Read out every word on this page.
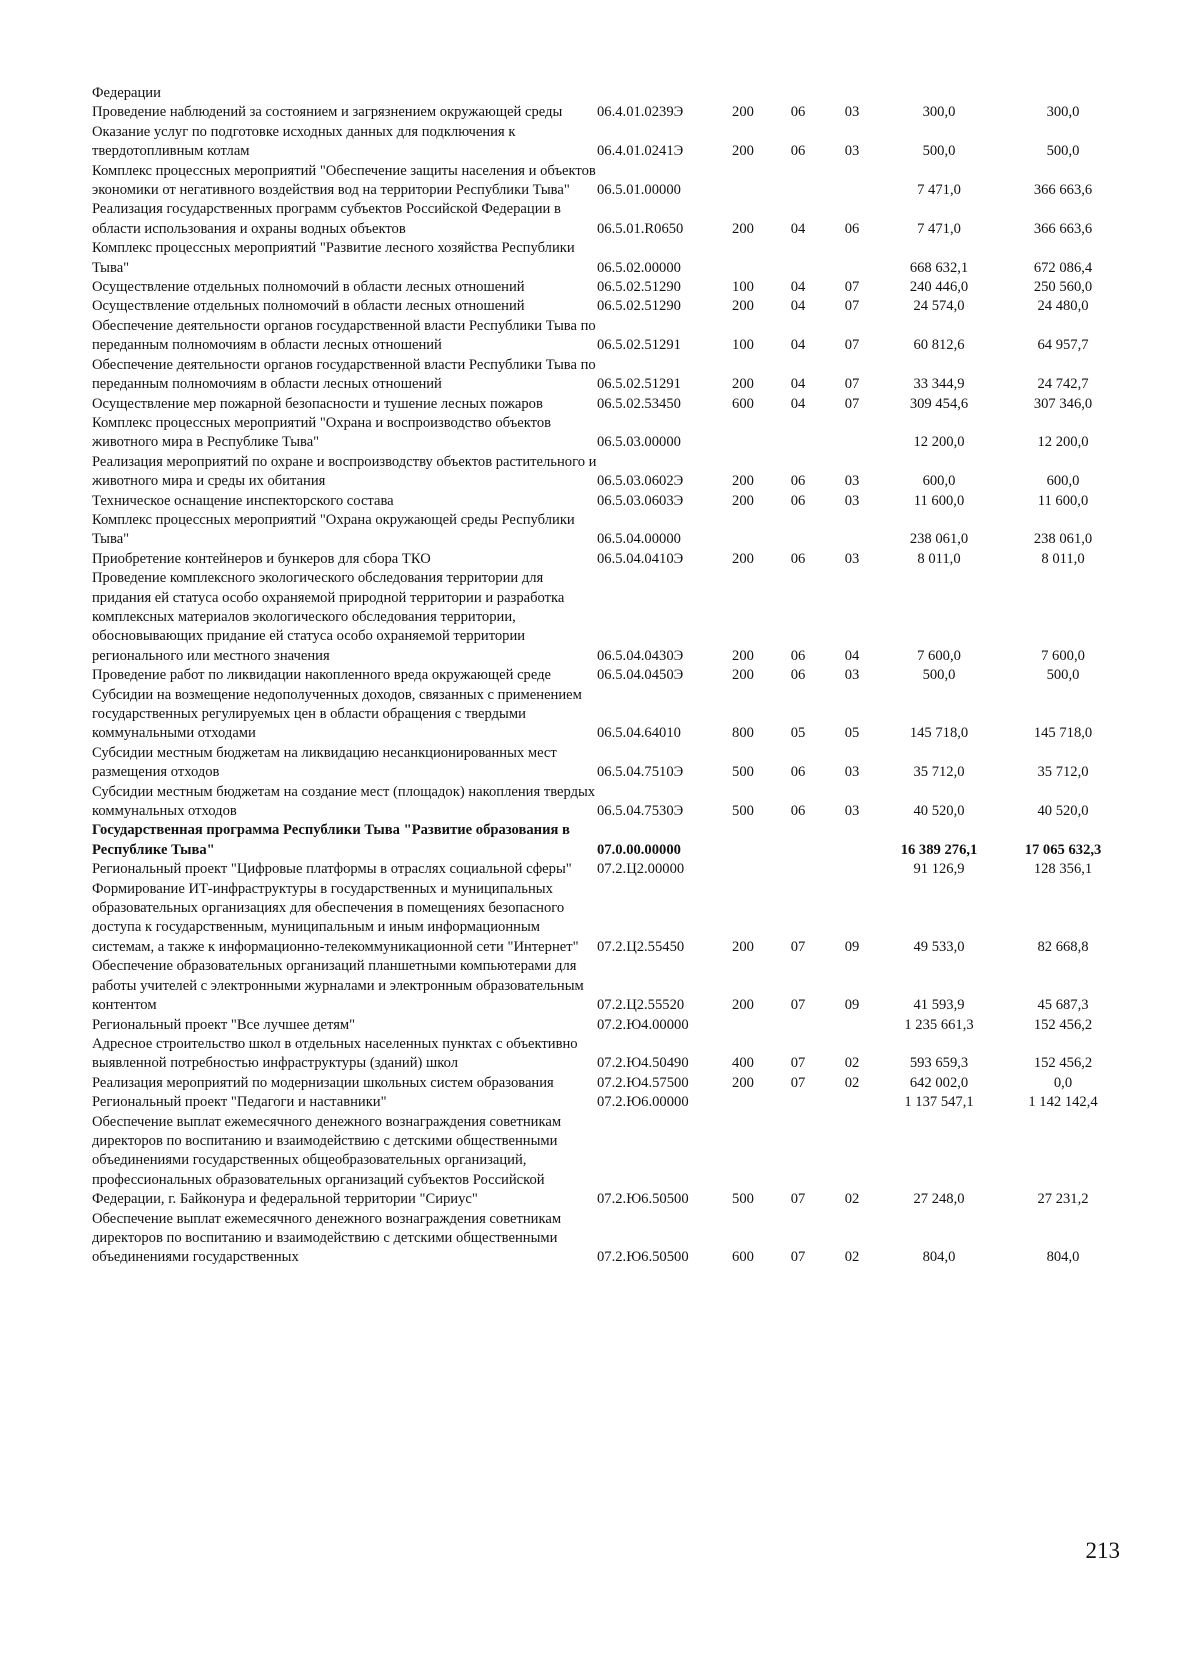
Федерации						
Проведение наблюдений за состоянием и загрязнением окружающей среды	06.4.01.0239Э	200	06	03	300,0	300,0
Оказание услуг по подготовке исходных данных для подключения к твердотопливным котлам	06.4.01.0241Э	200	06	03	500,0	500,0
Комплекс процессных мероприятий "Обеспечение защиты населения и объектов экономики от негативного воздействия вод на территории Республики Тыва"	06.5.01.00000				7 471,0	366 663,6
Реализация государственных программ субъектов Российской Федерации в области использования и охраны водных объектов	06.5.01.R0650	200	04	06	7 471,0	366 663,6
Комплекс процессных мероприятий "Развитие лесного хозяйства Республики Тыва"	06.5.02.00000				668 632,1	672 086,4
Осуществление отдельных полномочий в области лесных отношений	06.5.02.51290	100	04	07	240 446,0	250 560,0
Осуществление отдельных полномочий в области лесных отношений	06.5.02.51290	200	04	07	24 574,0	24 480,0
Обеспечение деятельности органов государственной власти Республики Тыва по переданным полномочиям в области лесных отношений	06.5.02.51291	100	04	07	60 812,6	64 957,7
Обеспечение деятельности органов государственной власти Республики Тыва по переданным полномочиям в области лесных отношений	06.5.02.51291	200	04	07	33 344,9	24 742,7
Осуществление мер пожарной безопасности и тушение лесных пожаров	06.5.02.53450	600	04	07	309 454,6	307 346,0
Комплекс процессных мероприятий "Охрана и воспроизводство объектов животного мира в Республике Тыва"	06.5.03.00000				12 200,0	12 200,0
Реализация мероприятий по охране и воспроизводству объектов растительного и животного мира и среды их обитания	06.5.03.0602Э	200	06	03	600,0	600,0
Техническое оснащение инспекторского состава	06.5.03.0603Э	200	06	03	11 600,0	11 600,0
Комплекс процессных мероприятий "Охрана окружающей среды Республики Тыва"	06.5.04.00000				238 061,0	238 061,0
Приобретение контейнеров и бункеров для сбора ТКО	06.5.04.0410Э	200	06	03	8 011,0	8 011,0
Проведение комплексного экологического обследования территории для придания ей статуса особо охраняемой природной территории и разработка комплексных материалов экологического обследования территории, обосновывающих придание ей статуса особо охраняемой территории регионального или местного значения	06.5.04.0430Э	200	06	04	7 600,0	7 600,0
Проведение работ по ликвидации накопленного вреда окружающей среде	06.5.04.0450Э	200	06	03	500,0	500,0
Субсидии на возмещение недополученных доходов, связанных с применением государственных регулируемых цен в области обращения с твердыми коммунальными отходами	06.5.04.64010	800	05	05	145 718,0	145 718,0
Субсидии местным бюджетам на ликвидацию несанкционированных мест размещения отходов	06.5.04.7510Э	500	06	03	35 712,0	35 712,0
Субсидии местным бюджетам на создание мест (площадок) накопления твердых коммунальных отходов	06.5.04.7530Э	500	06	03	40 520,0	40 520,0
Государственная программа Республики Тыва "Развитие образования в Республике Тыва"	07.0.00.00000				16 389 276,1	17 065 632,3
Региональный проект "Цифровые платформы в отраслях социальной сферы"	07.2.Ц2.00000				91 126,9	128 356,1
Формирование ИТ-инфраструктуры в государственных и муниципальных образовательных организациях для обеспечения в помещениях безопасного доступа к государственным, муниципальным и иным информационным системам, а также к информационно-телекоммуникационной сети "Интернет"	07.2.Ц2.55450	200	07	09	49 533,0	82 668,8
Обеспечение образовательных организаций планшетными компьютерами для работы учителей с электронными журналами и электронным образовательным контентом	07.2.Ц2.55520	200	07	09	41 593,9	45 687,3
Региональный проект "Все лучшее детям"	07.2.Ю4.00000				1 235 661,3	152 456,2
Адресное строительство школ в отдельных населенных пунктах с объективно выявленной потребностью инфраструктуры (зданий) школ	07.2.Ю4.50490	400	07	02	593 659,3	152 456,2
Реализация мероприятий по модернизации школьных систем образования	07.2.Ю4.57500	200	07	02	642 002,0	0,0
Региональный проект "Педагоги и наставники"	07.2.Ю6.00000				1 137 547,1	1 142 142,4
Обеспечение выплат ежемесячного денежного вознаграждения советникам директоров по воспитанию и взаимодействию с детскими общественными объединениями государственных общеобразовательных организаций, профессиональных образовательных организаций субъектов Российской Федерации, г. Байконура и федеральной территории "Сириус"	07.2.Ю6.50500	500	07	02	27 248,0	27 231,2
Обеспечение выплат ежемесячного денежного вознаграждения советникам директоров по воспитанию и взаимодействию с детскими общественными объединениями государственных	07.2.Ю6.50500	600	07	02	804,0	804,0
213
